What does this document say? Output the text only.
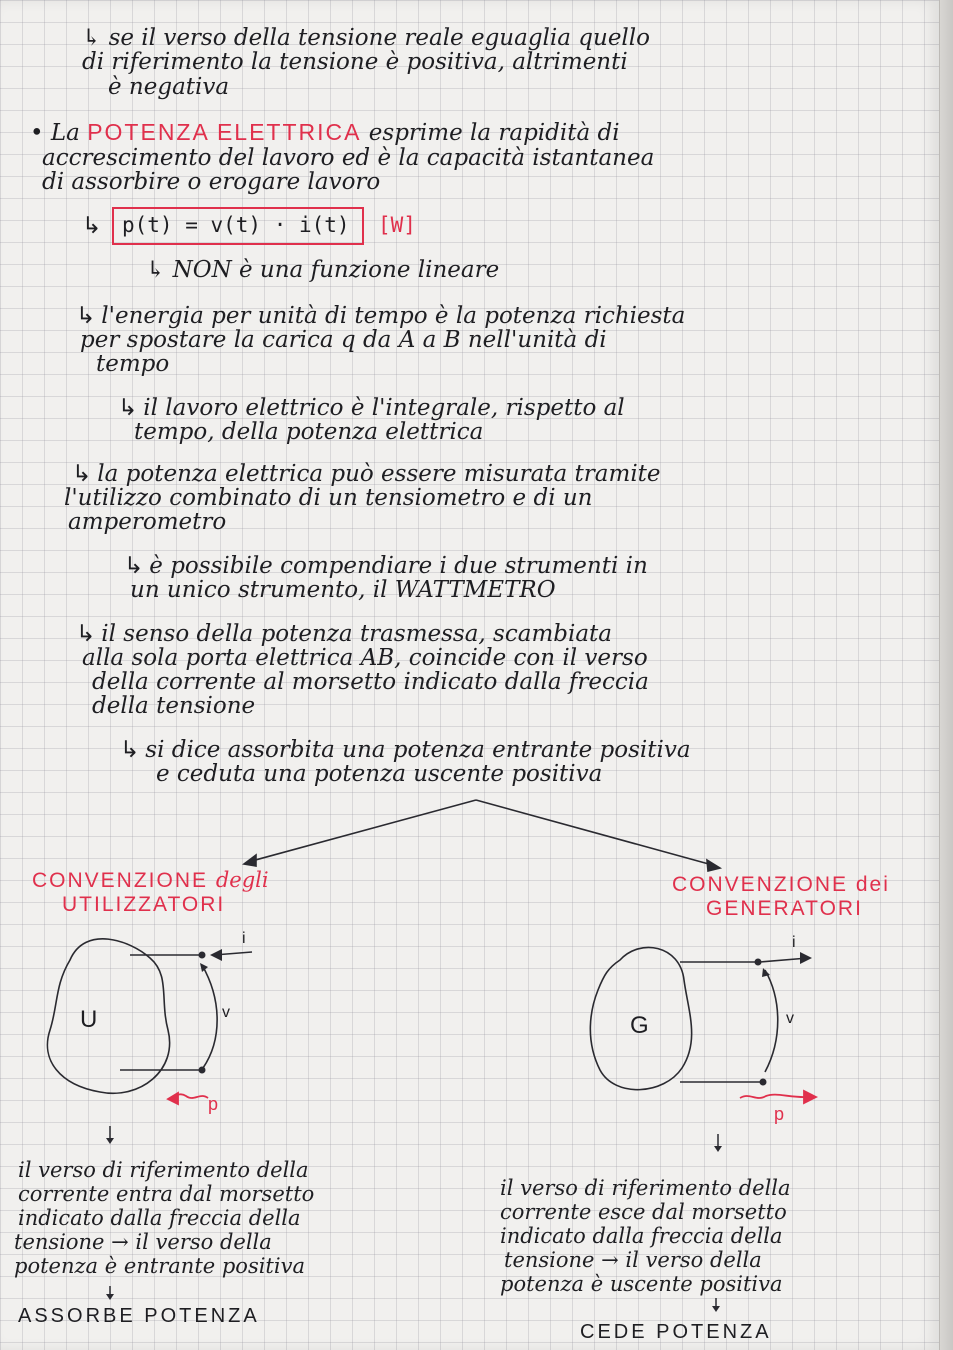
↳ se il verso della tensione reale eguaglia quello
di riferimento la tensione è positiva, altrimenti
è negativa
• La POTENZA ELETTRICA esprime la rapidità di
accrescimento del lavoro ed è la capacità istantanea
di assorbire o erogare lavoro
↳ p(t) = v(t) · i(t) [W]
↳ NON è una funzione lineare
↳ l'energia per unità di tempo è la potenza richiesta
per spostare la carica q da A a B nell'unità di
tempo
↳ il lavoro elettrico è l'integrale, rispetto al
tempo, della potenza elettrica
↳ la potenza elettrica può essere misurata tramite
l'utilizzo combinato di un tensiometro e di un
amperometro
↳ è possibile compendiare i due strumenti in
un unico strumento, il WATTMETRO
↳ il senso della potenza trasmessa, scambiata
alla sola porta elettrica AB, coincide con il verso
della corrente al morsetto indicato dalla freccia
della tensione
↳ si dice assorbita una potenza entrante positiva
e ceduta una potenza uscente positiva
CONVENZIONE degli
UTILIZZATORI
U
i
v
p
il verso di riferimento della
corrente entra dal morsetto
indicato dalla freccia della
tensione → il verso della
potenza è entrante positiva
ASSORBE POTENZA
CONVENZIONE dei
GENERATORI
G
i
v
p
il verso di riferimento della
corrente esce dal morsetto
indicato dalla freccia della
tensione → il verso della
potenza è uscente positiva
CEDE POTENZA
